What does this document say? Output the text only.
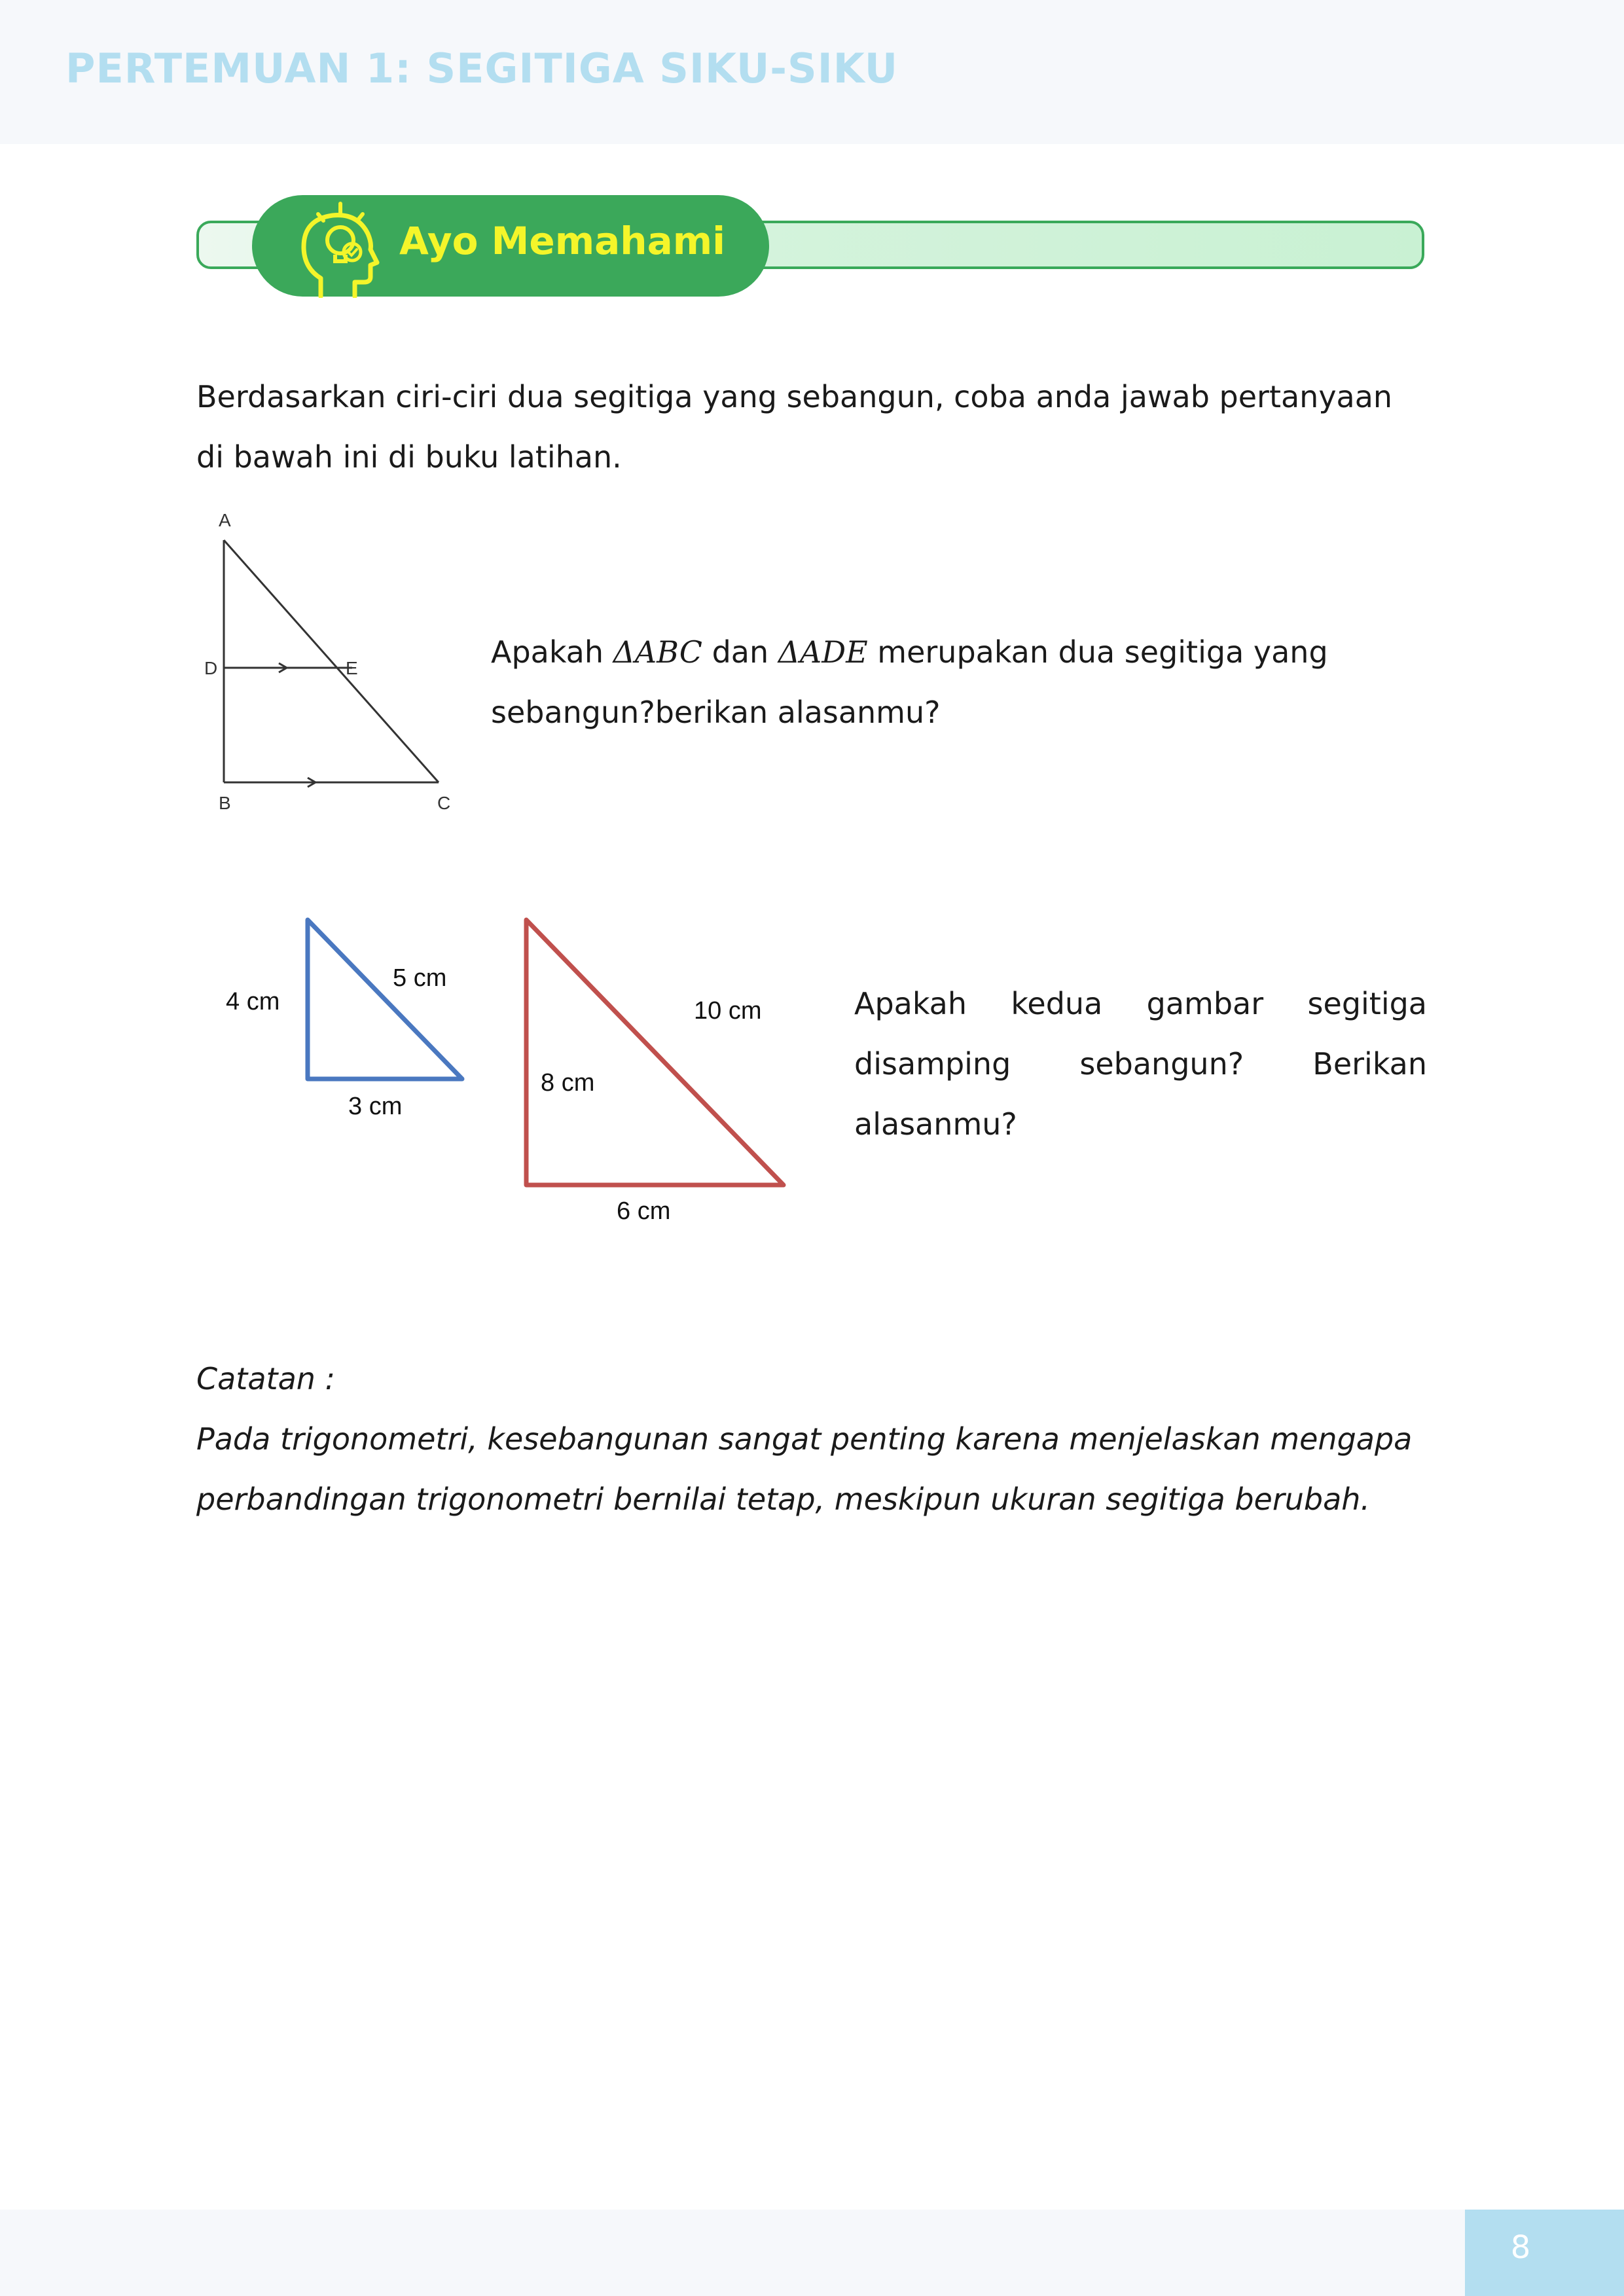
PERTEMUAN 1: SEGITIGA SIKU-SIKU
Ayo Memahami
Berdasarkan ciri-ciri dua segitiga yang sebangun, coba anda jawab pertanyaan
di bawah ini di buku latihan.
A
D	E
B	C
Apakah ΔABC dan ΔADE merupakan dua segitiga yang
sebangun?berikan alasanmu?
4 cm
5 cm
3 cm
8 cm
10 cm
6 cm
Apakah kedua gambar segitiga
disamping sebangun? Berikan
alasanmu?
Catatan :
Pada trigonometri, kesebangunan sangat penting karena menjelaskan mengapa
perbandingan trigonometri bernilai tetap, meskipun ukuran segitiga berubah.
8
